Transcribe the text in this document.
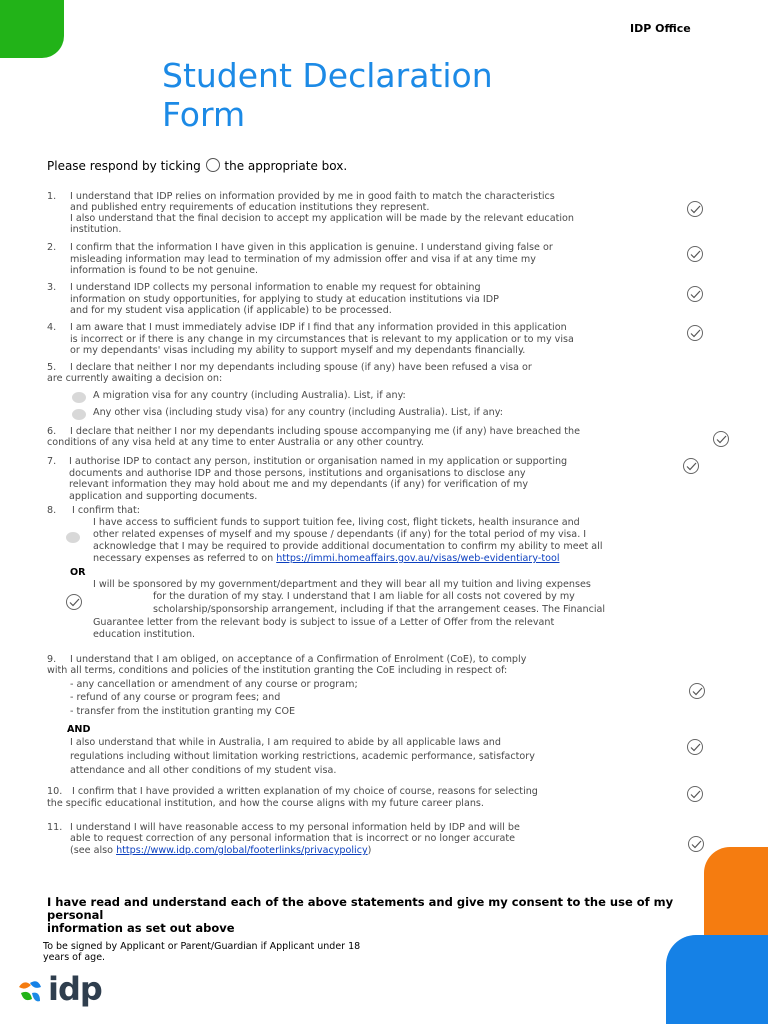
IDP Office
Student Declaration
Form
Please respond by ticking the appropriate box.
1. I understand that IDP relies on information provided by me in good faith to match the characteristics
and published entry requirements of education institutions they represent.
I also understand that the final decision to accept my application will be made by the relevant education
institution.
2. I confirm that the information I have given in this application is genuine. I understand giving false or
misleading information may lead to termination of my admission offer and visa if at any time my
information is found to be not genuine.
3. I understand IDP collects my personal information to enable my request for obtaining
information on study opportunities, for applying to study at education institutions via IDP
and for my student visa application (if applicable) to be processed.
4. I am aware that I must immediately advise IDP if I find that any information provided in this application
is incorrect or if there is any change in my circumstances that is relevant to my application or to my visa
or my dependants' visas including my ability to support myself and my dependants financially.
5. I declare that neither I nor my dependants including spouse (if any) have been refused a visa or
are currently awaiting a decision on:
A migration visa for any country (including Australia). List, if any:
Any other visa (including study visa) for any country (including Australia). List, if any:
6. I declare that neither I nor my dependants including spouse accompanying me (if any) have breached the
conditions of any visa held at any time to enter Australia or any other country.
7. I authorise IDP to contact any person, institution or organisation named in my application or supporting
documents and authorise IDP and those persons, institutions and organisations to disclose any
relevant information they may hold about me and my dependants (if any) for verification of my
application and supporting documents.
8. I confirm that:
I have access to sufficient funds to support tuition fee, living cost, flight tickets, health insurance and
other related expenses of myself and my spouse / dependants (if any) for the total period of my visa. I
acknowledge that I may be required to provide additional documentation to confirm my ability to meet all
necessary expenses as referred to on https://immi.homeaffairs.gov.au/visas/web-evidentiary-tool
OR
I will be sponsored by my government/department and they will bear all my tuition and living expenses
for the duration of my stay. I understand that I am liable for all costs not covered by my
scholarship/sponsorship arrangement, including if that the arrangement ceases. The Financial
Guarantee letter from the relevant body is subject to issue of a Letter of Offer from the relevant
education institution.
9. I understand that I am obliged, on acceptance of a Confirmation of Enrolment (CoE), to comply
with all terms, conditions and policies of the institution granting the CoE including in respect of:
- any cancellation or amendment of any course or program;
- refund of any course or program fees; and
- transfer from the institution granting my COE
AND
I also understand that while in Australia, I am required to abide by all applicable laws and
regulations including without limitation working restrictions, academic performance, satisfactory
attendance and all other conditions of my student visa.
10. I confirm that I have provided a written explanation of my choice of course, reasons for selecting
the specific educational institution, and how the course aligns with my future career plans.
11. I understand I will have reasonable access to my personal information held by IDP and will be
able to request correction of any personal information that is incorrect or no longer accurate
(see also https://www.idp.com/global/footerlinks/privacypolicy)
I have read and understand each of the above statements and give my consent to the use of my
personal
information as set out above
To be signed by Applicant or Parent/Guardian if Applicant under 18
years of age.
idp
